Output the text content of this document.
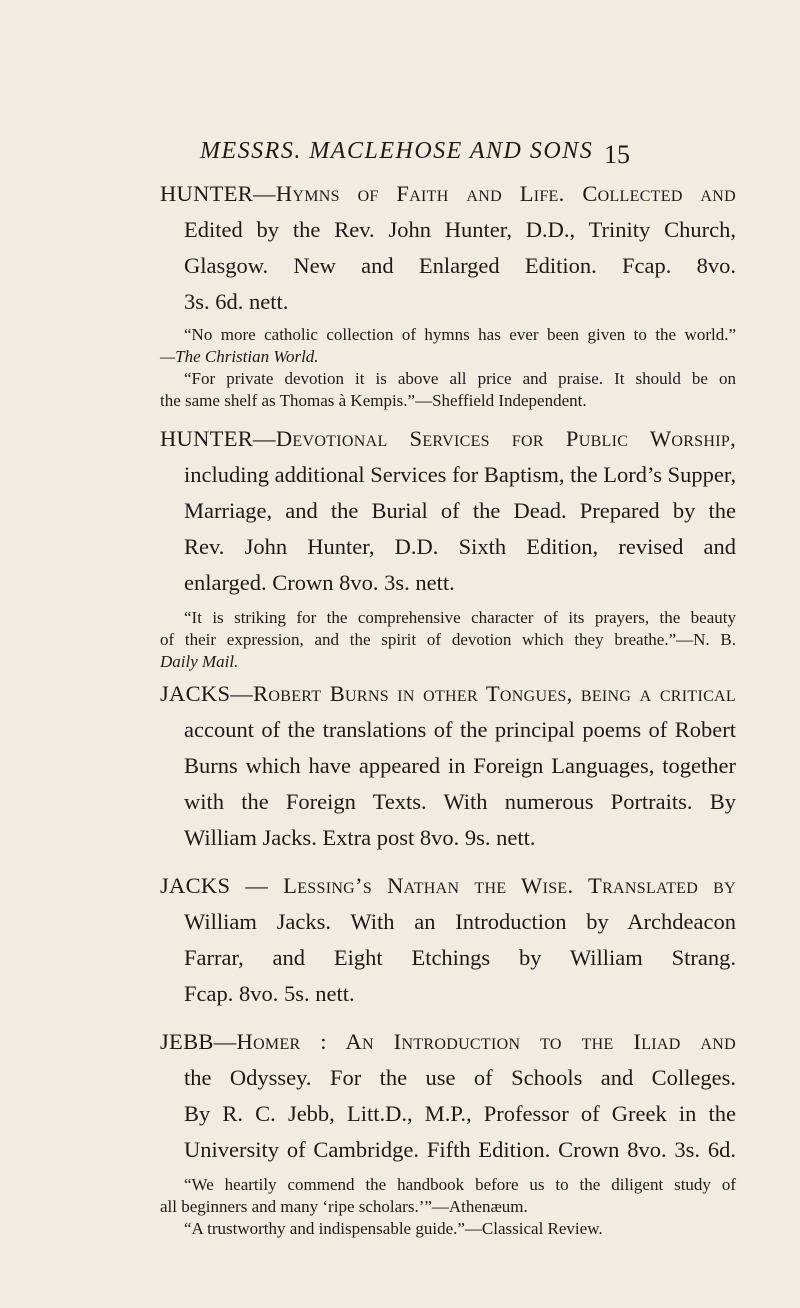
MESSRS. MACLEHOSE AND SONS 15
HUNTER—Hymns of Faith and Life. Collected and
Edited by the Rev. John Hunter, D.D., Trinity Church,
Glasgow. New and Enlarged Edition. Fcap. 8vo.
3s. 6d. nett.
“No more catholic collection of hymns has ever been given to the world.”
—The Christian World.
“For private devotion it is above all price and praise. It should be on
the same shelf as Thomas à Kempis.”—Sheffield Independent.
HUNTER—Devotional Services for Public Worship,
including additional Services for Baptism, the Lord’s Supper,
Marriage, and the Burial of the Dead. Prepared by the
Rev. John Hunter, D.D. Sixth Edition, revised and
enlarged. Crown 8vo. 3s. nett.
“It is striking for the comprehensive character of its prayers, the beauty
of their expression, and the spirit of devotion which they breathe.”—N. B.
Daily Mail.
JACKS—Robert Burns in other Tongues, being a critical
account of the translations of the principal poems of Robert
Burns which have appeared in Foreign Languages, together
with the Foreign Texts. With numerous Portraits. By
William Jacks. Extra post 8vo. 9s. nett.
JACKS — Lessing’s Nathan the Wise. Translated by
William Jacks. With an Introduction by Archdeacon
Farrar, and Eight Etchings by William Strang.
Fcap. 8vo. 5s. nett.
JEBB—Homer : An Introduction to the Iliad and
the Odyssey. For the use of Schools and Colleges.
By R. C. Jebb, Litt.D., M.P., Professor of Greek in the
University of Cambridge. Fifth Edition. Crown 8vo. 3s. 6d.
“We heartily commend the handbook before us to the diligent study of
all beginners and many ‘ripe scholars.’”—Athenæum.
“A trustworthy and indispensable guide.”—Classical Review.
